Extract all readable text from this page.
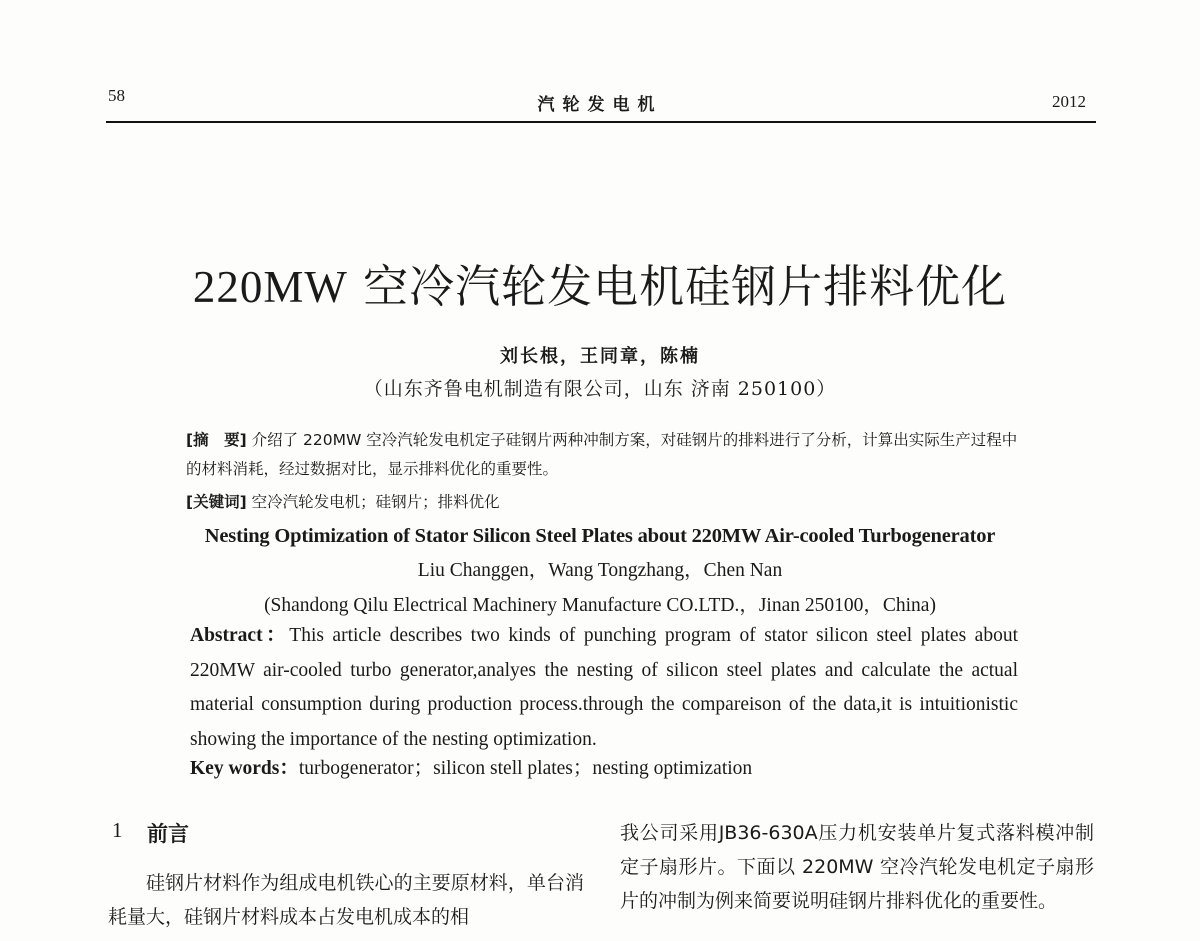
58	汽轮发电机	2012
220MW 空冷汽轮发电机硅钢片排料优化
刘长根，王同章，陈楠
（山东齐鲁电机制造有限公司，山东 济南 250100）
[摘　要] 介绍了 220MW 空冷汽轮发电机定子硅钢片两种冲制方案，对硅钢片的排料进行了分析，计算出实际生产过程中的材料消耗，经过数据对比，显示排料优化的重要性。
[关键词] 空冷汽轮发电机；硅钢片；排料优化
Nesting Optimization of Stator Silicon Steel Plates about 220MW Air-cooled Turbogenerator
Liu Changgen，Wang Tongzhang，Chen Nan
(Shandong Qilu Electrical Machinery Manufacture CO.LTD.，Jinan 250100，China)
Abstract：This article describes two kinds of punching program of stator silicon steel plates about 220MW air-cooled turbo generator,analyes the nesting of silicon steel plates and calculate the actual material consumption during production process.through the compareison of the data,it is intuitionistic showing the importance of the nesting optimization.
Key words：turbogenerator；silicon stell plates；nesting optimization
1 前言
硅钢片材料作为组成电机铁心的主要原材料，单台消耗量大，硅钢片材料成本占发电机成本的相
我公司采用JB36-630A压力机安装单片复式落料模冲制定子扇形片。下面以 220MW 空冷汽轮发电机定子扇形片的冲制为例来简要说明硅钢片排料优化的重要性。
